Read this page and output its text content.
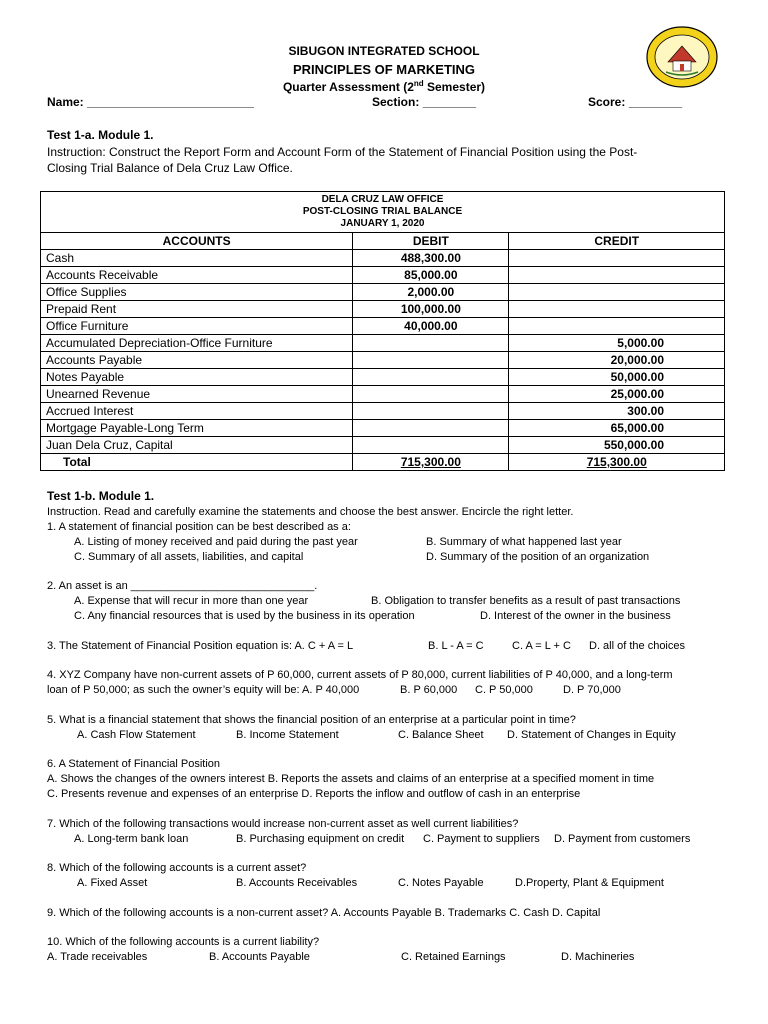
SIBUGON INTEGRATED SCHOOL
PRINCIPLES OF MARKETING
Quarter Assessment (2nd Semester)
Name: _________________________	Section: ________	Score: ________
Test 1-a. Module 1.
Instruction: Construct the Report Form and Account Form of the Statement of Financial Position using the Post-
Closing Trial Balance of Dela Cruz Law Office.
DELA CRUZ LAW OFFICE
POST-CLOSING TRIAL BALANCE
JANUARY 1, 2020		

ACCOUNTS	DEBIT	CREDIT
Cash	488,300.00	
Accounts Receivable	85,000.00	
Office Supplies	2,000.00	
Prepaid Rent	100,000.00	
Office Furniture	40,000.00	
Accumulated Depreciation-Office Furniture		5,000.00
Accounts Payable		20,000.00
Notes Payable		50,000.00
Unearned Revenue		25,000.00
Accrued Interest		300.00
Mortgage Payable-Long Term		65,000.00
Juan Dela Cruz, Capital		550,000.00
Total	715,300.00	715,300.00
Test 1-b. Module 1.
Instruction. Read and carefully examine the statements and choose the best answer. Encircle the right letter.
1. A statement of financial position can be best described as a:
A. Listing of money received and paid during the past year	B. Summary of what happened last year
C. Summary of all assets, liabilities, and capital	D. Summary of the position of an organization
2. An asset is an ______________________________.
A. Expense that will recur in more than one year	B. Obligation to transfer benefits as a result of past transactions
C. Any financial resources that is used by the business in its operation	D. Interest of the owner in the business
3. The Statement of Financial Position equation is: A. C + A = L	B. L - A = C	C. A = L + C D. all of the choices
4. XYZ Company have non-current assets of P 60,000, current assets of P 80,000, current liabilities of P 40,000, and a long-term
loan of P 50,000; as such the owner’s equity will be: A. P 40,000	B. P 60,000 C. P 50,000	D. P 70,000
5. What is a financial statement that shows the financial position of an enterprise at a particular point in time?
A. Cash Flow Statement	B. Income Statement	C. Balance Sheet D. Statement of Changes in Equity
6. A Statement of Financial Position
A. Shows the changes of the owners interest B. Reports the assets and claims of an enterprise at a specified moment in time
C. Presents revenue and expenses of an enterprise D. Reports the inflow and outflow of cash in an enterprise
7. Which of the following transactions would increase non-current asset as well current liabilities?
A. Long-term bank loan	B. Purchasing equipment on credit C. Payment to suppliers D. Payment from customers
8. Which of the following accounts is a current asset?
A. Fixed Asset	B. Accounts Receivables	C. Notes Payable	D.Property, Plant & Equipment
9. Which of the following accounts is a non-current asset? A. Accounts Payable B. Trademarks C. Cash D. Capital
10. Which of the following accounts is a current liability?
A. Trade receivables	B. Accounts Payable	C. Retained Earnings	D. Machineries
